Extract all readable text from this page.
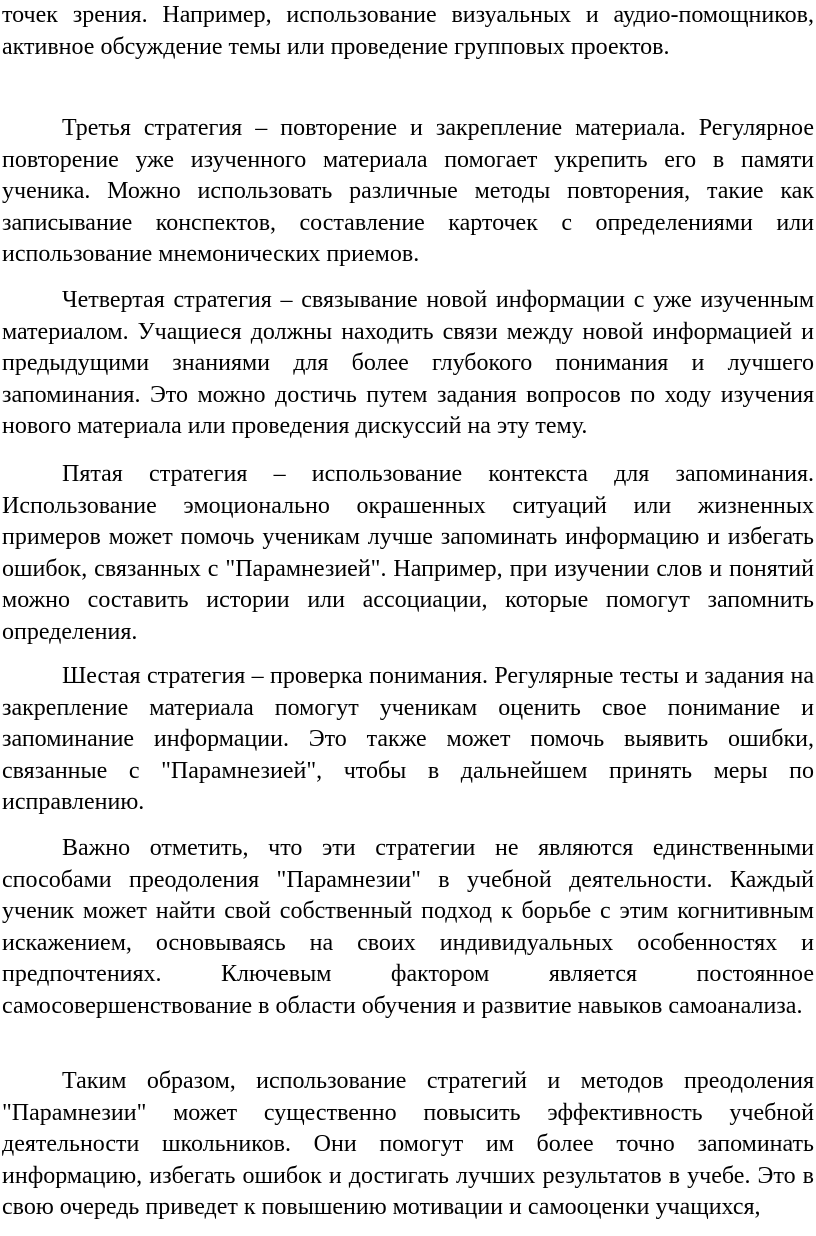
точек зрения. Например, использование визуальных и аудио-помощников, активное обсуждение темы или проведение групповых проектов.

Третья стратегия – повторение и закрепление материала. Регулярное повторение уже изученного материала помогает укрепить его в памяти ученика. Можно использовать различные методы повторения, такие как записывание конспектов, составление карточек с определениями или использование мнемонических приемов.

Четвертая стратегия – связывание новой информации с уже изученным материалом. Учащиеся должны находить связи между новой информацией и предыдущими знаниями для более глубокого понимания и лучшего запоминания. Это можно достичь путем задания вопросов по ходу изучения нового материала или проведения дискуссий на эту тему.

Пятая стратегия – использование контекста для запоминания. Использование эмоционально окрашенных ситуаций или жизненных примеров может помочь ученикам лучше запоминать информацию и избегать ошибок, связанных с "Парамнезией". Например, при изучении слов и понятий можно составить истории или ассоциации, которые помогут запомнить определения.

Шестая стратегия – проверка понимания. Регулярные тесты и задания на закрепление материала помогут ученикам оценить свое понимание и запоминание информации. Это также может помочь выявить ошибки, связанные с "Парамнезией", чтобы в дальнейшем принять меры по исправлению.

Важно отметить, что эти стратегии не являются единственными способами преодоления "Парамнезии" в учебной деятельности. Каждый ученик может найти свой собственный подход к борьбе с этим когнитивным искажением, основываясь на своих индивидуальных особенностях и предпочтениях. Ключевым фактором является постоянное самосовершенствование в области обучения и развитие навыков самоанализа.

Таким образом, использование стратегий и методов преодоления "Парамнезии" может существенно повысить эффективность учебной деятельности школьников. Они помогут им более точно запоминать информацию, избегать ошибок и достигать лучших результатов в учебе. Это в свою очередь приведет к повышению мотивации и самооценки учащихся,
